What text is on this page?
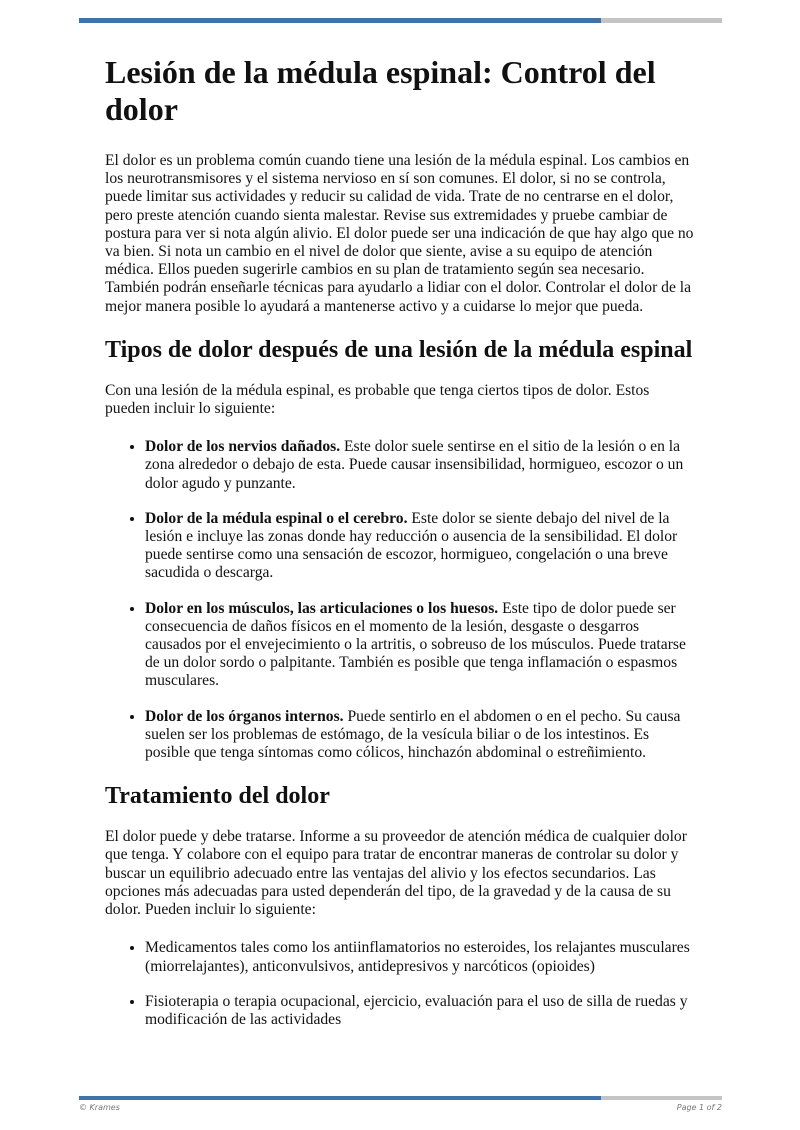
Lesión de la médula espinal: Control del dolor

El dolor es un problema común cuando tiene una lesión de la médula espinal. Los cambios en los neurotransmisores y el sistema nervioso en sí son comunes. El dolor, si no se controla, puede limitar sus actividades y reducir su calidad de vida. Trate de no centrarse en el dolor, pero preste atención cuando sienta malestar. Revise sus extremidades y pruebe cambiar de postura para ver si nota algún alivio. El dolor puede ser una indicación de que hay algo que no va bien. Si nota un cambio en el nivel de dolor que siente, avise a su equipo de atención médica. Ellos pueden sugerirle cambios en su plan de tratamiento según sea necesario. También podrán enseñarle técnicas para ayudarlo a lidiar con el dolor. Controlar el dolor de la mejor manera posible lo ayudará a mantenerse activo y a cuidarse lo mejor que pueda.

Tipos de dolor después de una lesión de la médula espinal

Con una lesión de la médula espinal, es probable que tenga ciertos tipos de dolor. Estos pueden incluir lo siguiente:

• Dolor de los nervios dañados. Este dolor suele sentirse en el sitio de la lesión o en la zona alrededor o debajo de esta. Puede causar insensibilidad, hormigueo, escozor o un dolor agudo y punzante.
• Dolor de la médula espinal o el cerebro. Este dolor se siente debajo del nivel de la lesión e incluye las zonas donde hay reducción o ausencia de la sensibilidad. El dolor puede sentirse como una sensación de escozor, hormigueo, congelación o una breve sacudida o descarga.
• Dolor en los músculos, las articulaciones o los huesos. Este tipo de dolor puede ser consecuencia de daños físicos en el momento de la lesión, desgaste o desgarros causados por el envejecimiento o la artritis, o sobreuso de los músculos. Puede tratarse de un dolor sordo o palpitante. También es posible que tenga inflamación o espasmos musculares.
• Dolor de los órganos internos. Puede sentirlo en el abdomen o en el pecho. Su causa suelen ser los problemas de estómago, de la vesícula biliar o de los intestinos. Es posible que tenga síntomas como cólicos, hinchazón abdominal o estreñimiento.
Tratamiento del dolor

El dolor puede y debe tratarse. Informe a su proveedor de atención médica de cualquier dolor que tenga. Y colabore con el equipo para tratar de encontrar maneras de controlar su dolor y buscar un equilibrio adecuado entre las ventajas del alivio y los efectos secundarios. Las opciones más adecuadas para usted dependerán del tipo, de la gravedad y de la causa de su dolor. Pueden incluir lo siguiente:

• Medicamentos tales como los antiinflamatorios no esteroides, los relajantes musculares (miorrelajantes), anticonvulsivos, antidepresivos y narcóticos (opioides)
• Fisioterapia o terapia ocupacional, ejercicio, evaluación para el uso de silla de ruedas y modificación de las actividades
© Krames	Page 1 of 2
